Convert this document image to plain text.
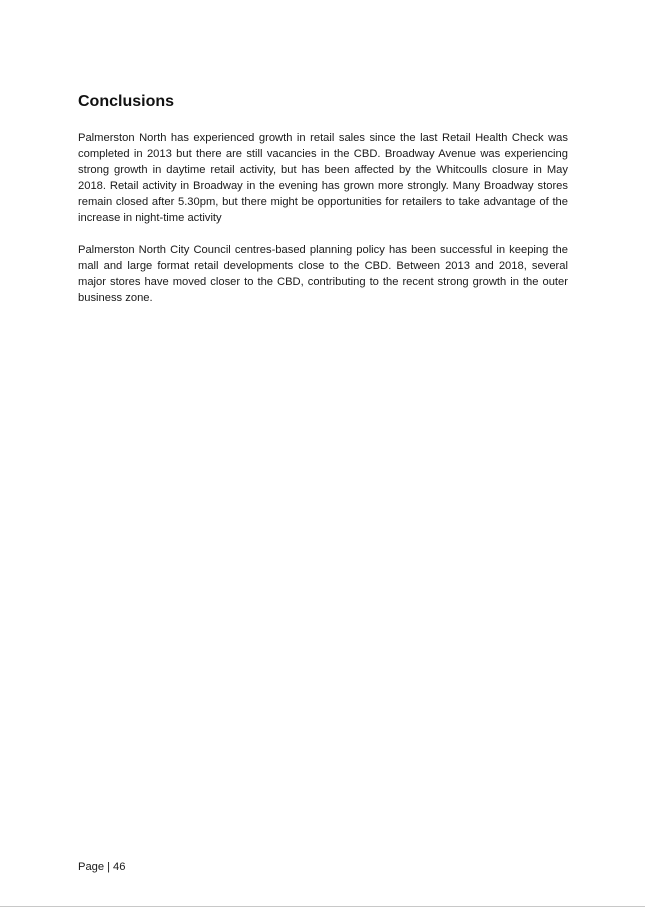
Conclusions

Palmerston North has experienced growth in retail sales since the last Retail Health Check was completed in 2013 but there are still vacancies in the CBD. Broadway Avenue was experiencing strong growth in daytime retail activity, but has been affected by the Whitcoulls closure in May 2018. Retail activity in Broadway in the evening has grown more strongly. Many Broadway stores remain closed after 5.30pm, but there might be opportunities for retailers to take advantage of the increase in night-time activity

Palmerston North City Council centres-based planning policy has been successful in keeping the mall and large format retail developments close to the CBD. Between 2013 and 2018, several major stores have moved closer to the CBD, contributing to the recent strong growth in the outer business zone.

Page | 46
